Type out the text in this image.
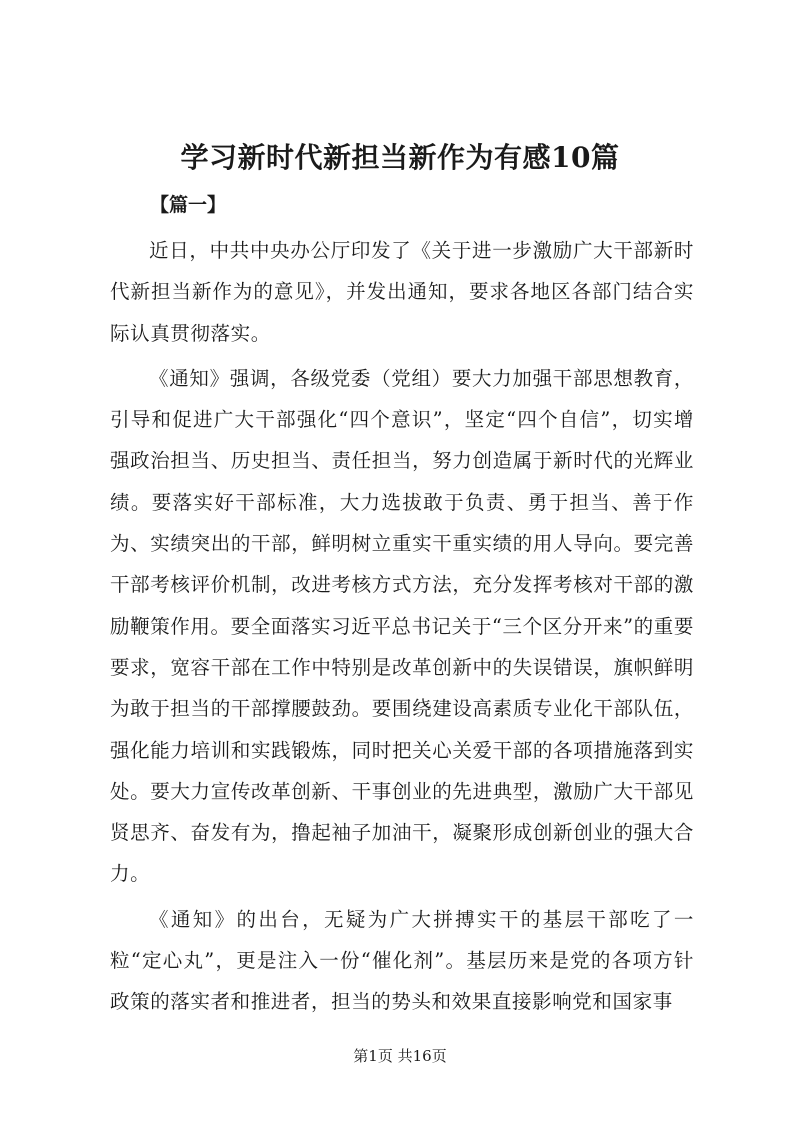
学习新时代新担当新作为有感10篇
【篇一】

近日，中共中央办公厅印发了《关于进一步激励广大干部新时代新担当新作为的意见》，并发出通知，要求各地区各部门结合实际认真贯彻落实。

《通知》强调，各级党委（党组）要大力加强干部思想教育，引导和促进广大干部强化“四个意识”，坚定“四个自信”，切实增强政治担当、历史担当、责任担当，努力创造属于新时代的光辉业绩。要落实好干部标准，大力选拔敢于负责、勇于担当、善于作为、实绩突出的干部，鲜明树立重实干重实绩的用人导向。要完善干部考核评价机制，改进考核方式方法，充分发挥考核对干部的激励鞭策作用。要全面落实习近平总书记关于“三个区分开来”的重要要求，宽容干部在工作中特别是改革创新中的失误错误，旗帜鲜明为敢于担当的干部撑腰鼓劲。要围绕建设高素质专业化干部队伍，强化能力培训和实践锻炼，同时把关心关爱干部的各项措施落到实处。要大力宣传改革创新、干事创业的先进典型，激励广大干部见贤思齐、奋发有为，撸起袖子加油干，凝聚形成创新创业的强大合力。

《通知》的出台，无疑为广大拼搏实干的基层干部吃了一粒“定心丸”，更是注入一份“催化剂”。基层历来是党的各项方针政策的落实者和推进者，担当的势头和效果直接影响党和国家事

第1页 共16页
